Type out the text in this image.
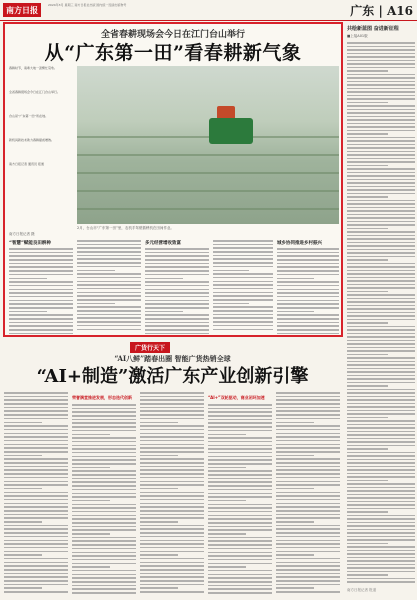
南方日报	2024年3月 星期三 南方日报社出版 国内统一连续出版物号	广东 | A16
全省春耕现场会今日在江门台山举行
从“广东第一田”看春耕新气象

春耕时节，南粤大地一派繁忙景象。

全省春耕现场会今日在江门台山举行。

台山是“广东第一田”所在地。

新机具新技术助力春耕提质增效。

南方日报记者 通讯员 报道

2月，台山市“广东第一田”里，农机手驾驶插秧机在田间作业。
南方日报记者 摄
“智慧”赋能良田耕种	多元经营增收致富	城乡协同推进乡村振兴
共绘新蓝图 奋进新征程
■上接A01版
广货行天下
“AI八鲜”踏春出圈 智能广货热销全球
“AI+制造”激活广东产业创新引擎
荣誉满堂推进发展，形态迭代创新	“AI+”双轮驱动，商业闭环加速
南方日报记者 报道
